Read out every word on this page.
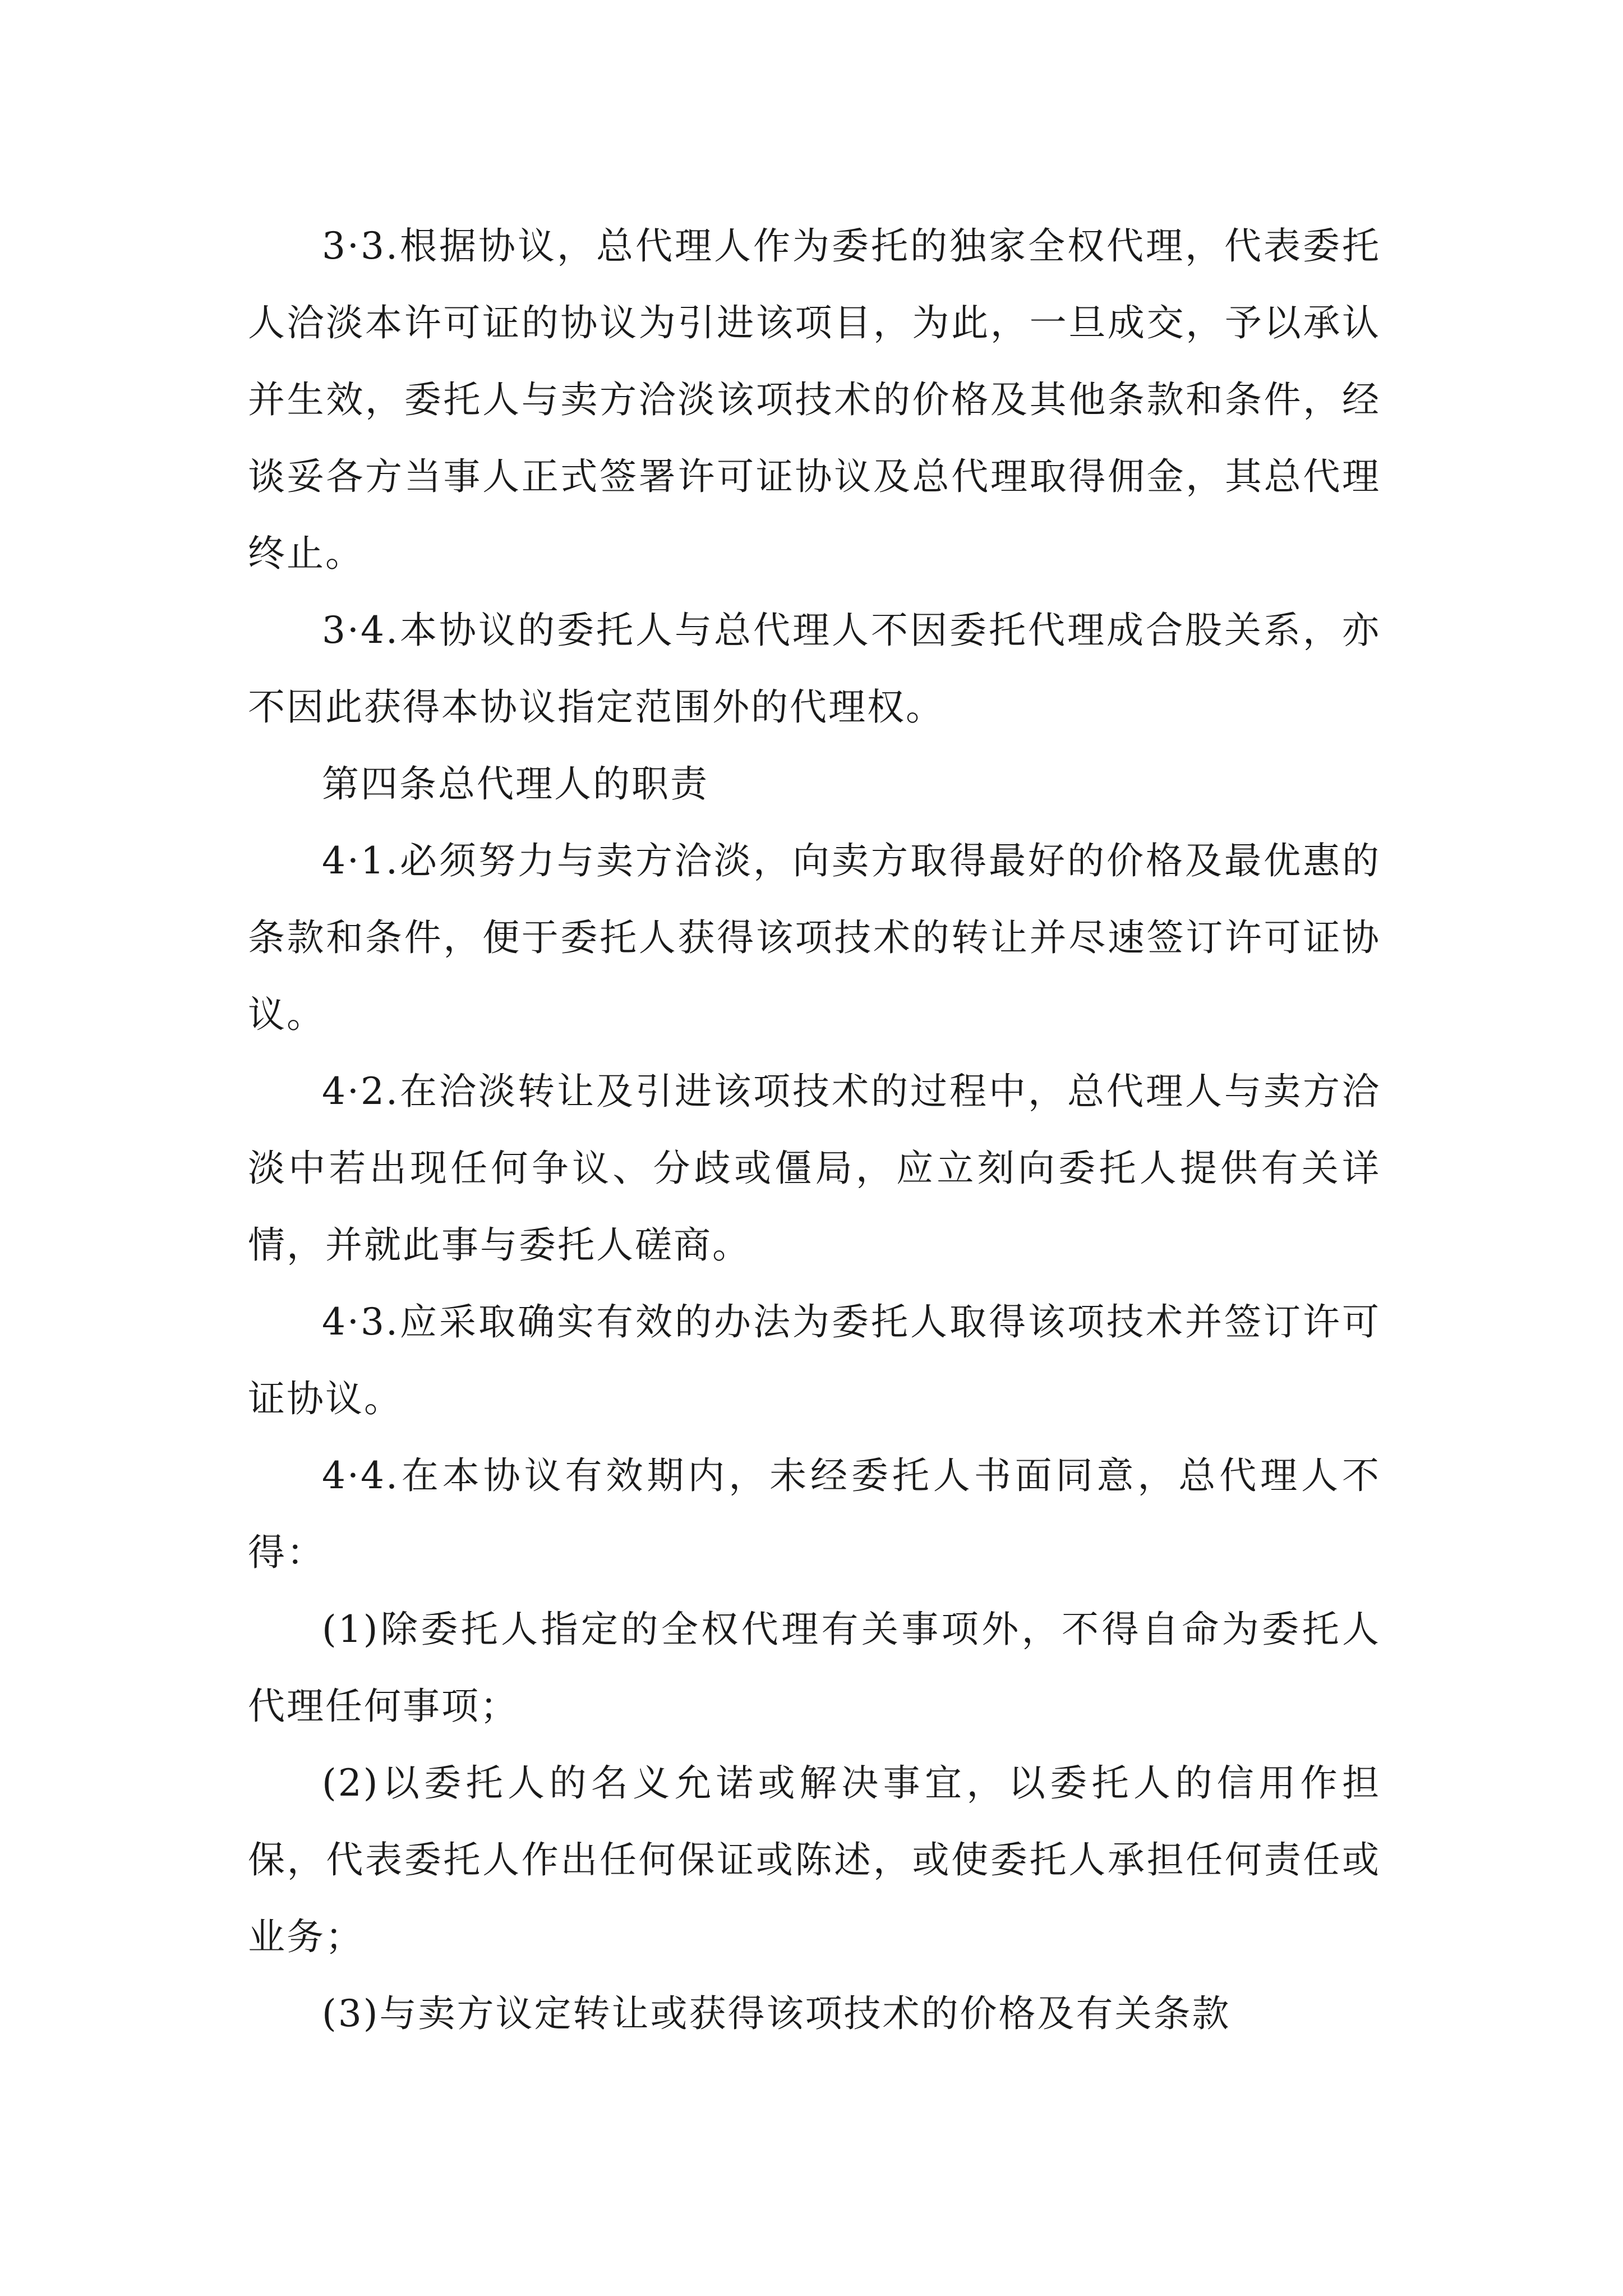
3·3.根据协议，总代理人作为委托的独家全权代理，代表委托人洽淡本许可证的协议为引进该项目，为此，一旦成交，予以承认并生效，委托人与卖方洽淡该项技术的价格及其他条款和条件，经谈妥各方当事人正式签署许可证协议及总代理取得佣金，其总代理终止。

3·4.本协议的委托人与总代理人不因委托代理成合股关系，亦不因此获得本协议指定范围外的代理权。

第四条总代理人的职责

4·1.必须努力与卖方洽淡，向卖方取得最好的价格及最优惠的条款和条件，便于委托人获得该项技术的转让并尽速签订许可证协议。

4·2.在洽淡转让及引进该项技术的过程中，总代理人与卖方洽淡中若出现任何争议、分歧或僵局，应立刻向委托人提供有关详情，并就此事与委托人磋商。

4·3.应采取确实有效的办法为委托人取得该项技术并签订许可证协议。

4·4.在本协议有效期内，未经委托人书面同意，总代理人不得：

(1)除委托人指定的全权代理有关事项外，不得自命为委托人代理任何事项；

(2)以委托人的名义允诺或解决事宜，以委托人的信用作担保，代表委托人作出任何保证或陈述，或使委托人承担任何责任或业务；

(3)与卖方议定转让或获得该项技术的价格及有关条款
